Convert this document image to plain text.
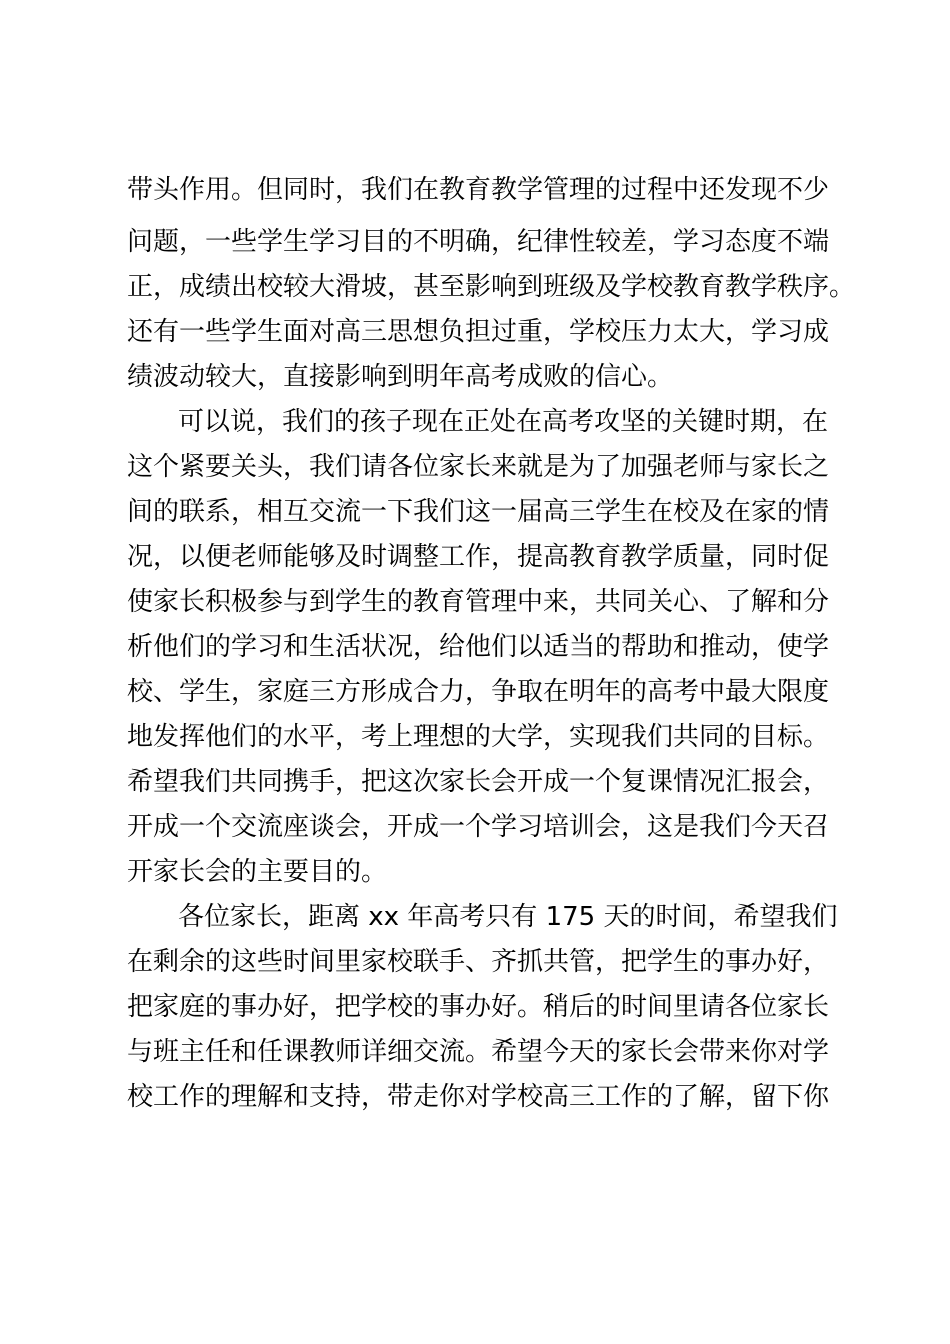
带头作用。但同时，我们在教育教学管理的过程中还发现不少
问题，一些学生学习目的不明确，纪律性较差，学习态度不端
正，成绩出校较大滑坡，甚至影响到班级及学校教育教学秩序。
还有一些学生面对高三思想负担过重，学校压力太大，学习成
绩波动较大，直接影响到明年高考成败的信心。
可以说，我们的孩子现在正处在高考攻坚的关键时期，在
这个紧要关头，我们请各位家长来就是为了加强老师与家长之
间的联系，相互交流一下我们这一届高三学生在校及在家的情
况，以便老师能够及时调整工作，提高教育教学质量，同时促
使家长积极参与到学生的教育管理中来，共同关心、了解和分
析他们的学习和生活状况，给他们以适当的帮助和推动，使学
校、学生，家庭三方形成合力，争取在明年的高考中最大限度
地发挥他们的水平，考上理想的大学，实现我们共同的目标。
希望我们共同携手，把这次家长会开成一个复课情况汇报会，
开成一个交流座谈会，开成一个学习培训会，这是我们今天召
开家长会的主要目的。
各位家长，距离 xx 年高考只有 175 天的时间，希望我们
在剩余的这些时间里家校联手、齐抓共管，把学生的事办好，
把家庭的事办好，把学校的事办好。稍后的时间里请各位家长
与班主任和任课教师详细交流。希望今天的家长会带来你对学
校工作的理解和支持，带走你对学校高三工作的了解，留下你
